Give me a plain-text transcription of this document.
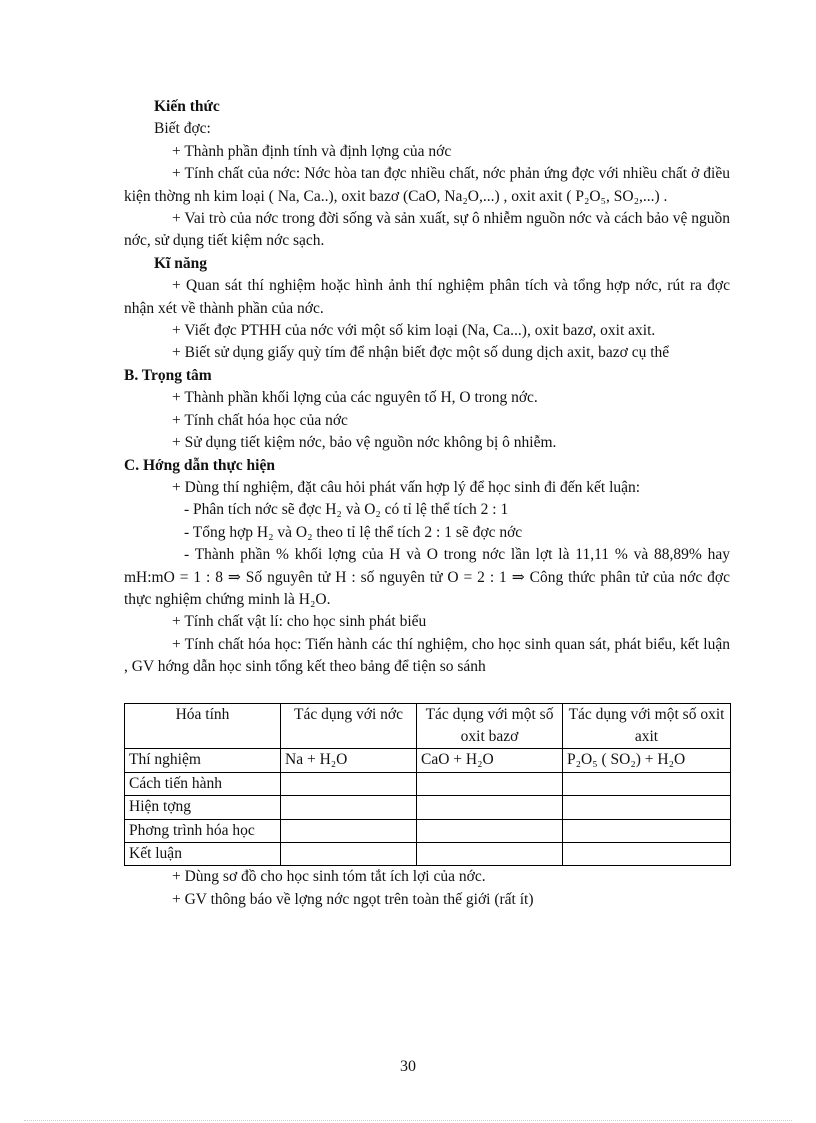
Kiến thức

Biết đợc:

+ Thành phần định tính và định lợng của nớc

+ Tính chất của nớc: Nớc hòa tan đợc nhiều chất, nớc phản ứng đợc với nhiều chất ở điều kiện thờng nh kim loại ( Na, Ca..), oxit bazơ (CaO, Na₂O,...) , oxit axit ( P₂O₅, SO₂,...) .

+ Vai trò của nớc trong đời sống và sản xuất, sự ô nhiễm nguồn nớc và cách bảo vệ nguồn nớc, sử dụng tiết kiệm nớc sạch.

Kĩ năng

+ Quan sát thí nghiệm hoặc hình ảnh thí nghiệm phân tích và tổng hợp nớc, rút ra đợc nhận xét về thành phần của nớc.

+ Viết đợc PTHH của nớc với một số kim loại (Na, Ca...), oxit bazơ, oxit axit.

+ Biết sử dụng giấy quỳ tím để nhận biết đợc một số dung dịch axit, bazơ cụ thể

B. Trọng tâm

+ Thành phần khối lợng của các nguyên tố H, O trong nớc.

+ Tính chất hóa học của nớc

+ Sử dụng tiết kiệm nớc, bảo vệ nguồn nớc không bị ô nhiễm.

C. Hớng dẫn thực hiện

+ Dùng thí nghiệm, đặt câu hỏi phát vấn hợp lý để học sinh đi đến kết luận:

- Phân tích nớc sẽ đợc H₂ và O₂ có tỉ lệ thể tích 2 : 1

- Tổng hợp H₂ và O₂ theo tỉ lệ thể tích 2 : 1 sẽ đợc nớc

- Thành phần % khối lợng của H và O trong nớc lần lợt là 11,11 % và 88,89% hay mH:mO = 1 : 8 ⇒ Số nguyên tử H : số nguyên tử O = 2 : 1 ⇒ Công thức phân tử của nớc đợc thực nghiệm chứng minh là H₂O.

+ Tính chất vật lí: cho học sinh phát biểu

+ Tính chất hóa học: Tiến hành các thí nghiệm, cho học sinh quan sát, phát biểu, kết luận , GV hớng dẫn học sinh tổng kết theo bảng để tiện so sánh

Hóa tính	Tác dụng với nớc	Tác dụng với một số oxit bazơ	Tác dụng với một số oxit axit
Thí nghiệm	Na + H₂O	CaO + H₂O	P₂O₅ ( SO₂) + H₂O
Cách tiến hành			
Hiện tợng			
Phơng trình hóa học			
Kết luận			

+ Dùng sơ đồ cho học sinh tóm tắt ích lợi của nớc.

+ GV thông báo về lợng nớc ngọt trên toàn thế giới (rất ít)

30
